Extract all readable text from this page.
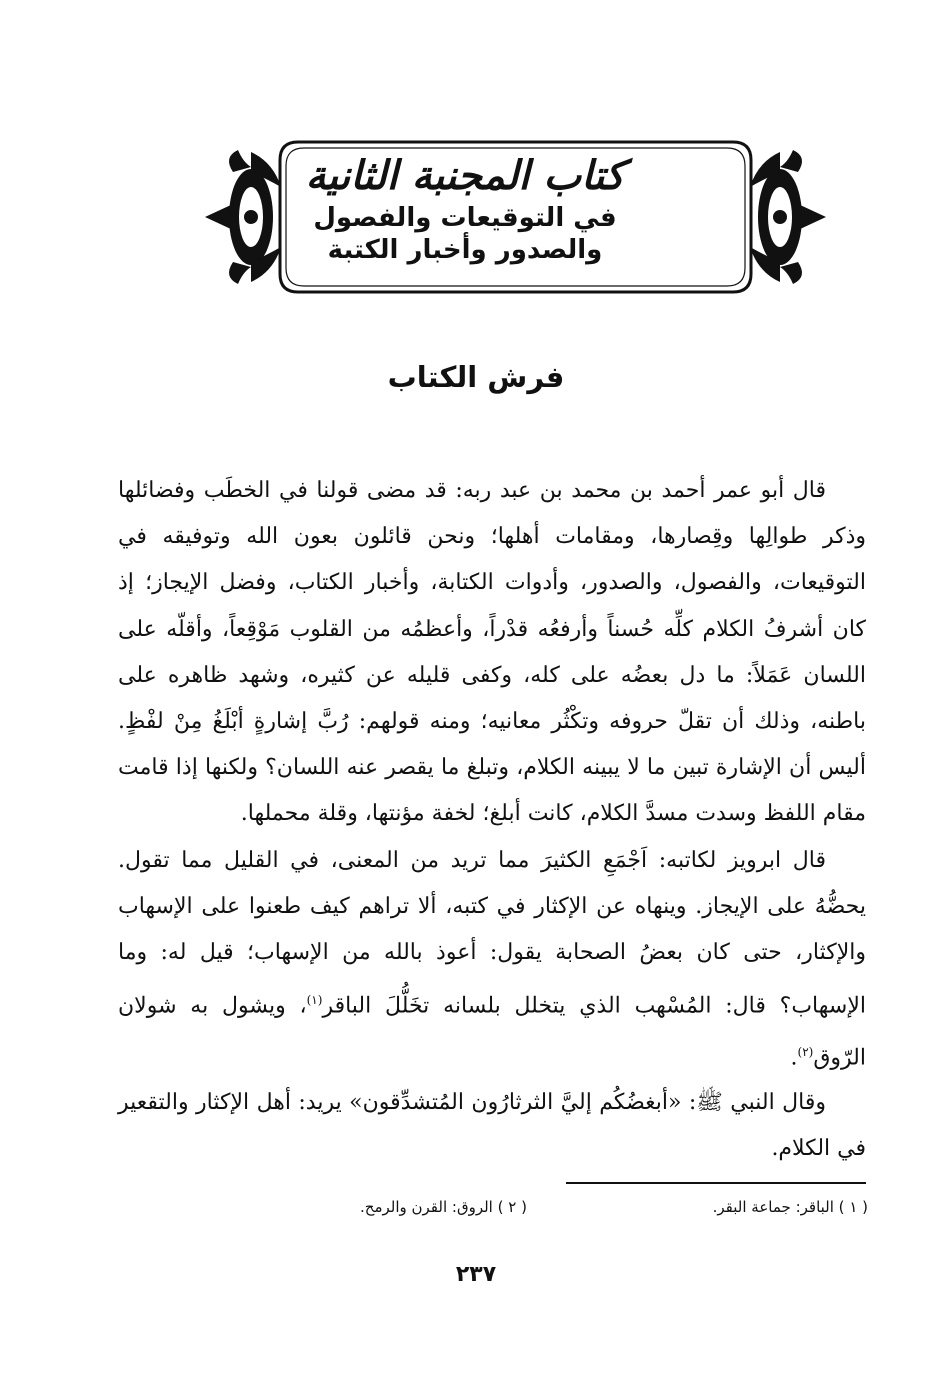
كتاب المجنبة الثانية

في التوقيعات والفصول

والصدور وأخبار الكتبة

فرش الكتاب

قال أبو عمر أحمد بن محمد بن عبد ربه: قد مضى قولنا في الخطَب وفضائلها وذكر طوالِها وقِصارها، ومقامات أهلها؛ ونحن قائلون بعون الله وتوفيقه في التوقيعات، والفصول، والصدور، وأدوات الكتابة، وأخبار الكتاب، وفضل الإيجاز؛ إذ كان أشرفُ الكلام كلِّه حُسناً وأرفعُه قدْراً، وأعظمُه من القلوب مَوْقِعاً، وأقلّه على اللسان عَمَلاً: ما دل بعضُه على كله، وكفى قليله عن كثيره، وشهد ظاهره على باطنه، وذلك أن تقلّ حروفه وتكْثُر معانيه؛ ومنه قولهم: رُبَّ إشارةٍ أبْلَغُ مِنْ لفْظٍ. أليس أن الإشارة تبين ما لا يبينه الكلام، وتبلغ ما يقصر عنه اللسان؟ ولكنها إذا قامت مقام اللفظ وسدت مسدَّ الكلام، كانت أبلغ؛ لخفة مؤنتها، وقلة محملها.

قال ابرويز لكاتبه: اَجْمَعِ الكثيرَ مما تريد من المعنى، في القليل مما تقول. يحضُّهُ على الإيجاز. وينهاه عن الإكثار في كتبه، ألا تراهم كيف طعنوا على الإسهاب والإكثار، حتى كان بعضُ الصحابة يقول: أعوذ بالله من الإسهاب؛ قيل له: وما الإسهاب؟ قال: المُسْهب الذي يتخلل بلسانه تخَلُّلَ الباقر$^{(١)}$، ويشول به شولان الرّوق$^{(٢)}$.

وقال النبي ﷺ: «أبغضُكُم إليَّ الثرثارُون المُتشدِّقون» يريد: أهل الإكثار والتقعير في الكلام.

( ١ ) الباقر: جماعة البقر.
( ٢ ) الروق: القرن والرمح.
٢٣٧
